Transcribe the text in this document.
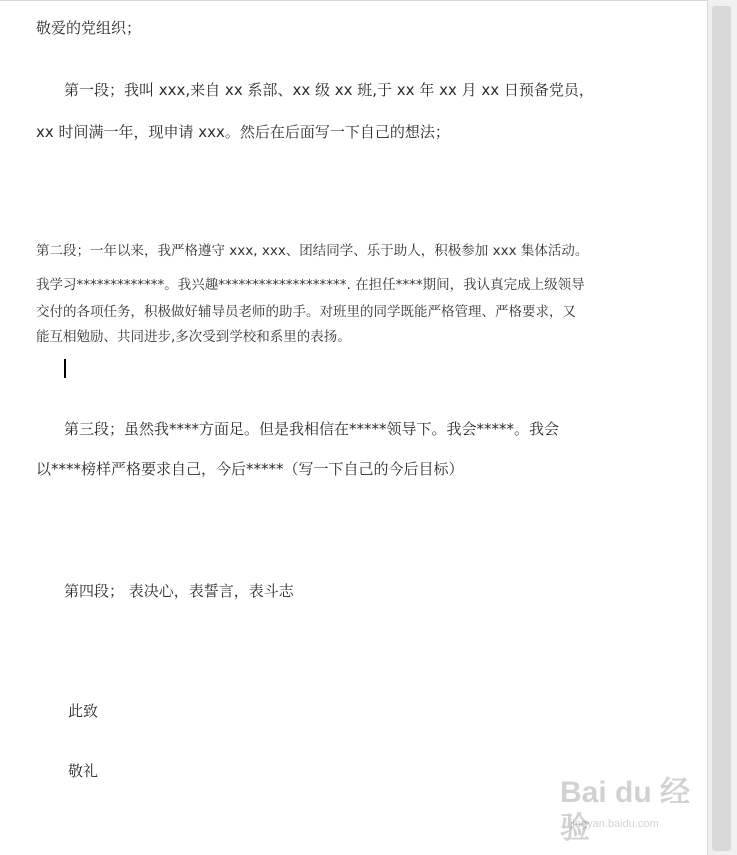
敬爱的党组织；
第一段；我叫 xxx,来自 xx 系部、xx 级 xx 班,于 xx 年 xx 月 xx 日预备党员，
xx 时间满一年，现申请 xxx。然后在后面写一下自己的想法；
第二段；一年以来，我严格遵守 xxx, xxx、团结同学、乐于助人，积极参加 xxx 集体活动。
我学习*************。我兴趣*******************. 在担任****期间，我认真完成上级领导
交付的各项任务，积极做好辅导员老师的助手。对班里的同学既能严格管理、严格要求，又
能互相勉励、共同进步,多次受到学校和系里的表扬。
第三段；虽然我****方面足。但是我相信在*****领导下。我会*****。我会
以****榜样严格要求自己，今后*****（写一下自己的今后目标）
第四段； 表决心，表誓言，表斗志
此致
敬礼
Bai du 经验
jingyan.baidu.com
